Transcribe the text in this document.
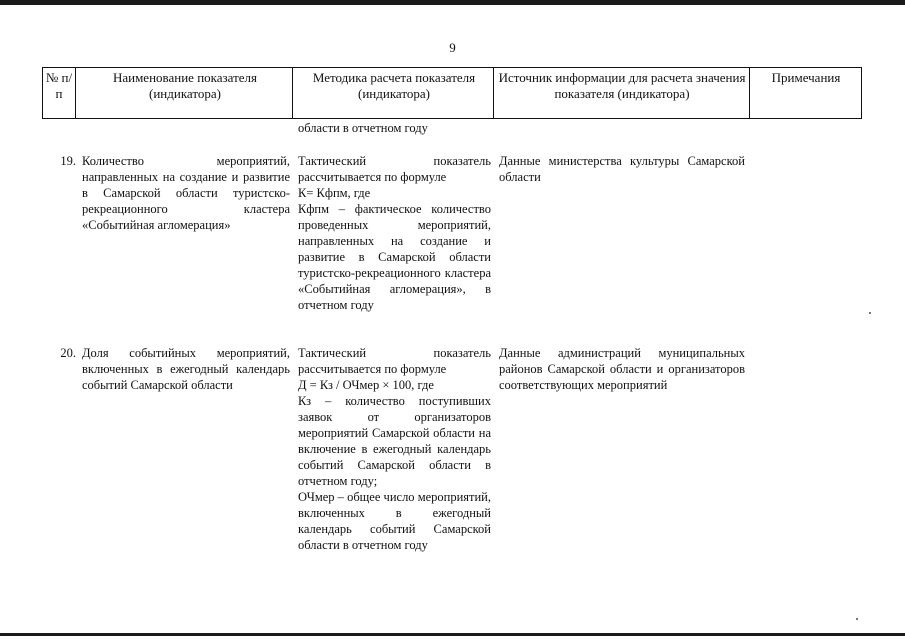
9
№ п/п
Наименование показателя (индикатора)
Методика расчета показателя (индикатора)
Источник информации для расчета значения показателя (индикатора)
Примечания
области в отчетном году
19. Количество мероприятий, направленных на создание и развитие в Самарской области туристско-рекреационного кластера «Событийная агломерация»
Тактический показатель рассчитывается по формуле
К= Кфпм, где
Кфпм – фактическое количество проведенных мероприятий, направленных на создание и развитие в Самарской области туристско-рекреационного кластера «Событийная агломерация», в отчетном году
Данные министерства культуры Самарской области
20. Доля событийных мероприятий, включенных в ежегодный календарь событий Самарской области
Тактический показатель рассчитывается по формуле
Д = Кз / ОЧмер × 100, где
Кз – количество поступивших заявок от организаторов мероприятий Самарской области на включение в ежегодный календарь событий Самарской области в отчетном году;
ОЧмер – общее число мероприятий, включенных в ежегодный календарь событий Самарской области в отчетном году
Данные администраций муниципальных районов Самарской области и организаторов соответствующих мероприятий
